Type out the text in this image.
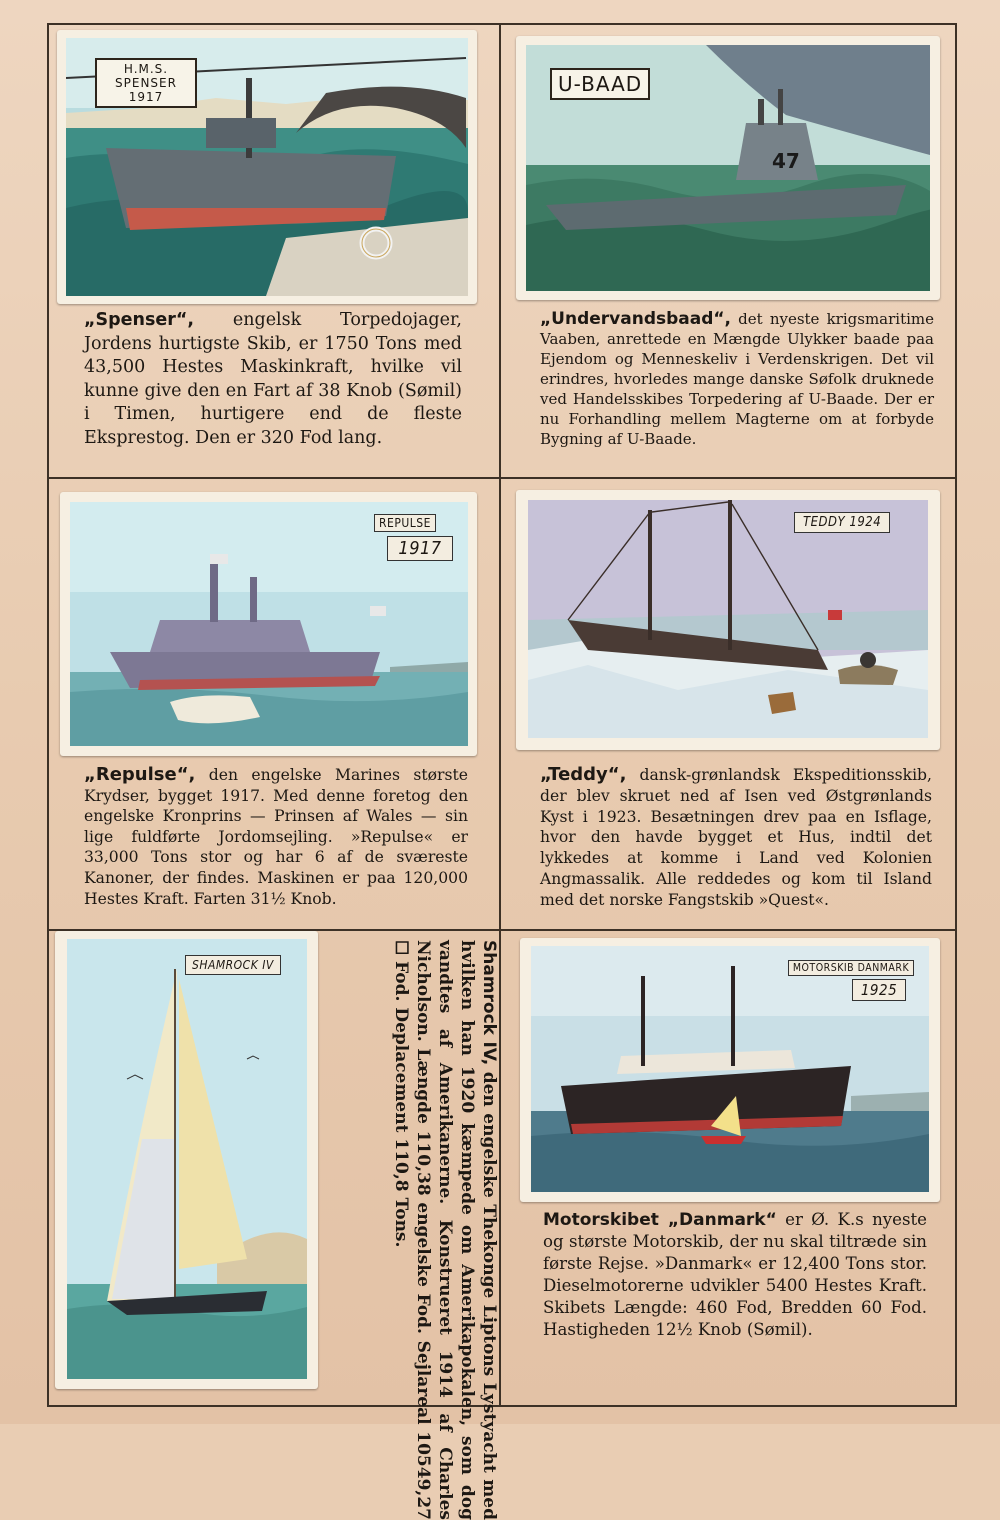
H.M.S. SPENSER
1917
„Spenser“, engelsk Torpedojager, Jordens hurtigste Skib, er 1750 Tons med 43,500 Hestes Maskinkraft, hvilke vil kunne give den en Fart af 38 Knob (Sømil) i Timen, hurtigere end de fleste Eksprestog. Den er 320 Fod lang.
47
U-BAAD
„Undervandsbaad“, det nyeste krigsmaritime Vaaben, anrettede en Mængde Ulykker baade paa Ejendom og Menneskeliv i Verdenskrigen. Det vil erindres, hvorledes mange danske Søfolk druknede ved Handelsskibes Torpedering af U-Baade. Der er nu Forhandling mellem Magterne om at forbyde Bygning af U-Baade.
REPULSE 1917
„Repulse“, den engelske Marines største Krydser, bygget 1917. Med denne foretog den engelske Kronprins — Prinsen af Wales — sin lige fuldførte Jordomsejling. »Repulse« er 33,000 Tons stor og har 6 af de sværeste Kanoner, der findes. Maskinen er paa 120,000 Hestes Kraft. Farten 31½ Knob.
TEDDY 1924
„Teddy“, dansk-grønlandsk Ekspeditionsskib, der blev skruet ned af Isen ved Østgrønlands Kyst i 1923. Besætningen drev paa en Isflage, hvor den havde bygget et Hus, indtil det lykkedes at komme i Land ved Kolonien Angmassalik. Alle reddedes og kom til Island med det norske Fangstskib »Quest«.
SHAMROCK IV	Shamrock IV, den engelske Thekonge Liptons Lystyacht med hvilken han 1920 kæmpede om Amerikapokalen, som dog vandtes af Amerikanerne. Konstrueret 1914 af Charles Nicholson. Længde 110,38 engelske Fod. Sejlareal 10549,27 ☐ Fod. Deplacement 110,8 Tons.	MOTORSKIB DANMARK 1925
Motorskibet „Danmark“ er Ø. K.s nyeste og største Motorskib, der nu skal tiltræde sin første Rejse. »Danmark« er 12,400 Tons stor. Dieselmotorerne udvikler 5400 Hestes Kraft. Skibets Længde: 460 Fod, Bredden 60 Fod. Hastigheden 12½ Knob (Sømil).
